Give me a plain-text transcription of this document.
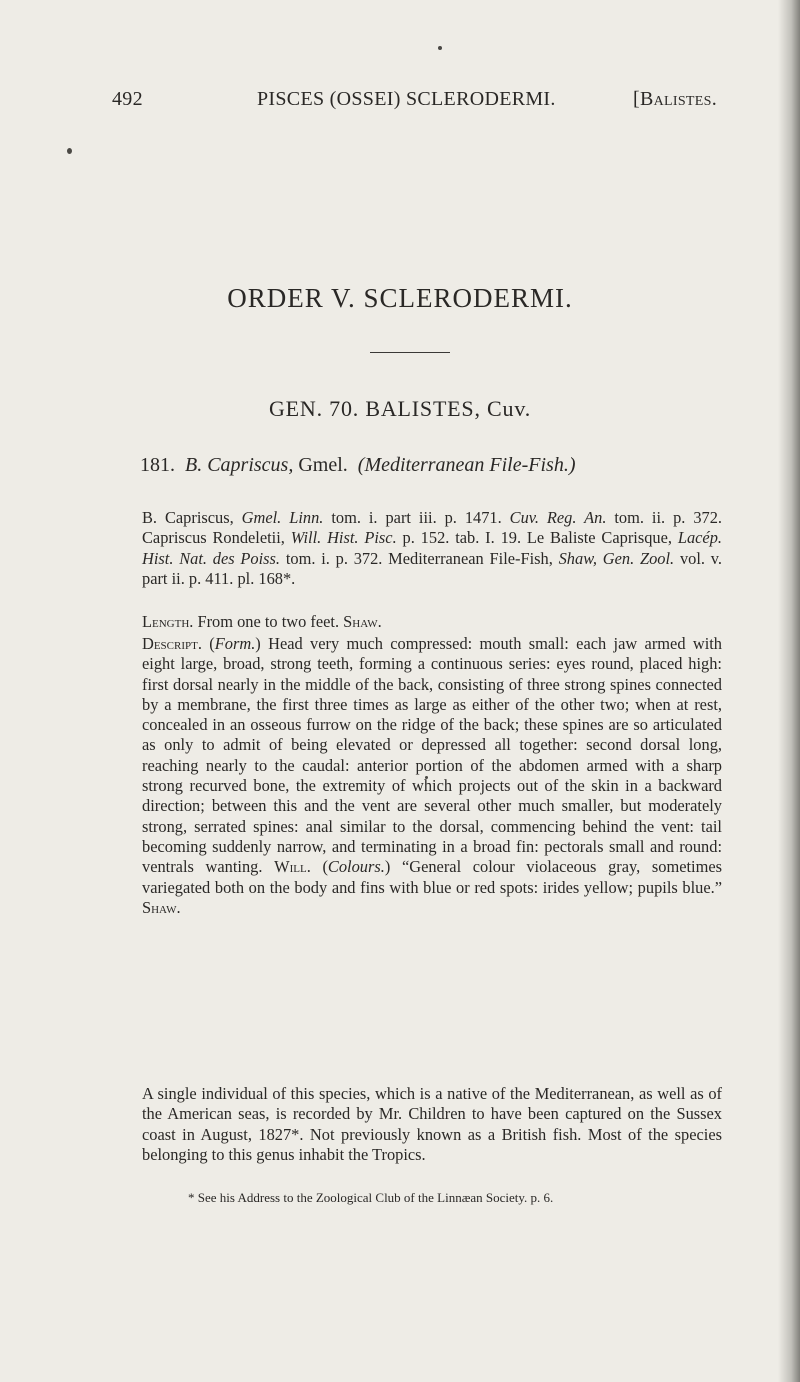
492	PISCES (OSSEI) SCLERODERMI.	[Balistes.
ORDER V. SCLERODERMI.
GEN. 70. BALISTES, Cuv.
181. B. Capriscus, Gmel. (Mediterranean File-Fish.)
B. Capriscus, Gmel. Linn. tom. i. part iii. p. 1471. Cuv. Reg. An. tom. ii. p. 372. Capriscus Rondeletii, Will. Hist. Pisc. p. 152. tab. I. 19. Le Baliste Caprisque, Lacép. Hist. Nat. des Poiss. tom. i. p. 372. Mediterranean File-Fish, Shaw, Gen. Zool. vol. v. part ii. p. 411. pl. 168*.
Length. From one to two feet. Shaw.
Descript. (Form.) Head very much compressed: mouth small: each jaw armed with eight large, broad, strong teeth, forming a continuous series: eyes round, placed high: first dorsal nearly in the middle of the back, consisting of three strong spines connected by a membrane, the first three times as large as either of the other two; when at rest, concealed in an osseous furrow on the ridge of the back; these spines are so articulated as only to admit of being elevated or depressed all together: second dorsal long, reaching nearly to the caudal: anterior portion of the abdomen armed with a sharp strong recurved bone, the extremity of which projects out of the skin in a backward direction; between this and the vent are several other much smaller, but moderately strong, serrated spines: anal similar to the dorsal, commencing behind the vent: tail becoming suddenly narrow, and terminating in a broad fin: pectorals small and round: ventrals wanting. Will. (Colours.) “General colour violaceous gray, sometimes variegated both on the body and fins with blue or red spots: irides yellow; pupils blue.” Shaw.
A single individual of this species, which is a native of the Mediterranean, as well as of the American seas, is recorded by Mr. Children to have been captured on the Sussex coast in August, 1827*. Not previously known as a British fish. Most of the species belonging to this genus inhabit the Tropics.
* See his Address to the Zoological Club of the Linnæan Society. p. 6.
